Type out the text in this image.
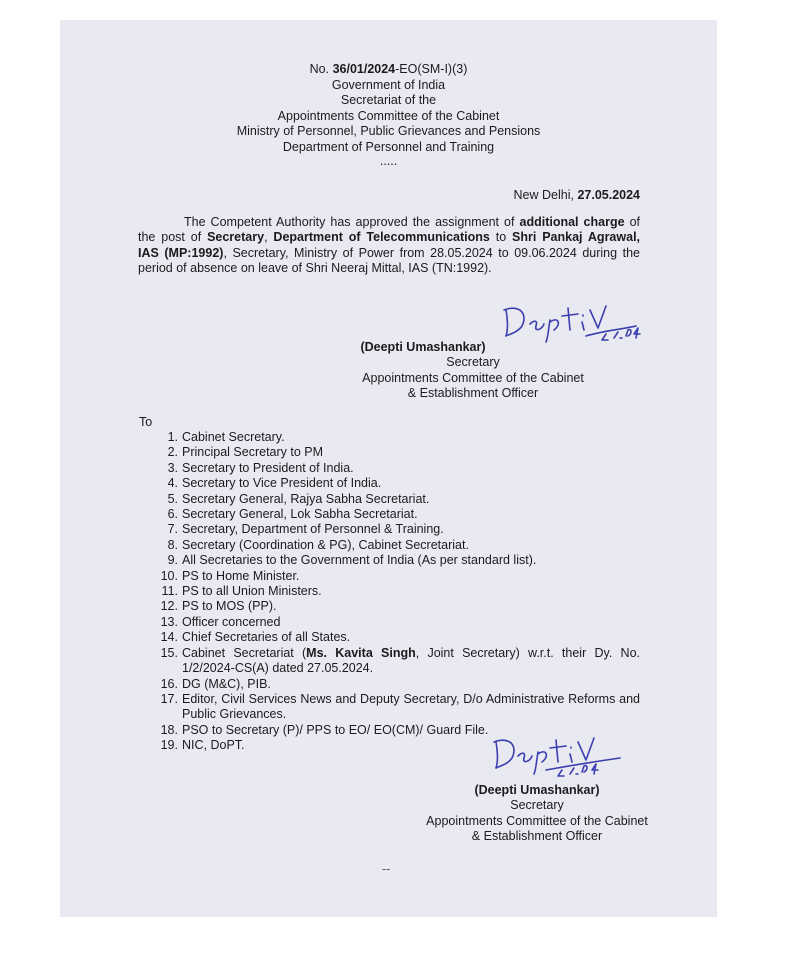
No. 36/01/2024-EO(SM-I)(3)
Government of India
Secretariat of the
Appointments Committee of the Cabinet
Ministry of Personnel, Public Grievances and Pensions
Department of Personnel and Training
.....
New Delhi, 27.05.2024
The Competent Authority has approved the assignment of additional charge of the post of Secretary, Department of Telecommunications to Shri Pankaj Agrawal, IAS (MP:1992), Secretary, Ministry of Power from 28.05.2024 to 09.06.2024 during the period of absence on leave of Shri Neeraj Mittal, IAS (TN:1992).
(Deepti Umashankar)
Secretary
Appointments Committee of the Cabinet
& Establishment Officer
To
1. Cabinet Secretary.
2. Principal Secretary to PM
3. Secretary to President of India.
4. Secretary to Vice President of India.
5. Secretary General, Rajya Sabha Secretariat.
6. Secretary General, Lok Sabha Secretariat.
7. Secretary, Department of Personnel & Training.
8. Secretary (Coordination & PG), Cabinet Secretariat.
9. All Secretaries to the Government of India (As per standard list).
10. PS to Home Minister.
11. PS to all Union Ministers.
12. PS to MOS (PP).
13. Officer concerned
14. Chief Secretaries of all States.
15. Cabinet Secretariat (Ms. Kavita Singh, Joint Secretary) w.r.t. their Dy. No. 1/2/2024-CS(A) dated 27.05.2024.
16. DG (M&C), PIB.
17. Editor, Civil Services News and Deputy Secretary, D/o Administrative Reforms and Public Grievances.
18. PSO to Secretary (P)/ PPS to EO/ EO(CM)/ Guard File.
19. NIC, DoPT.
(Deepti Umashankar)
Secretary
Appointments Committee of the Cabinet
& Establishment Officer
--
